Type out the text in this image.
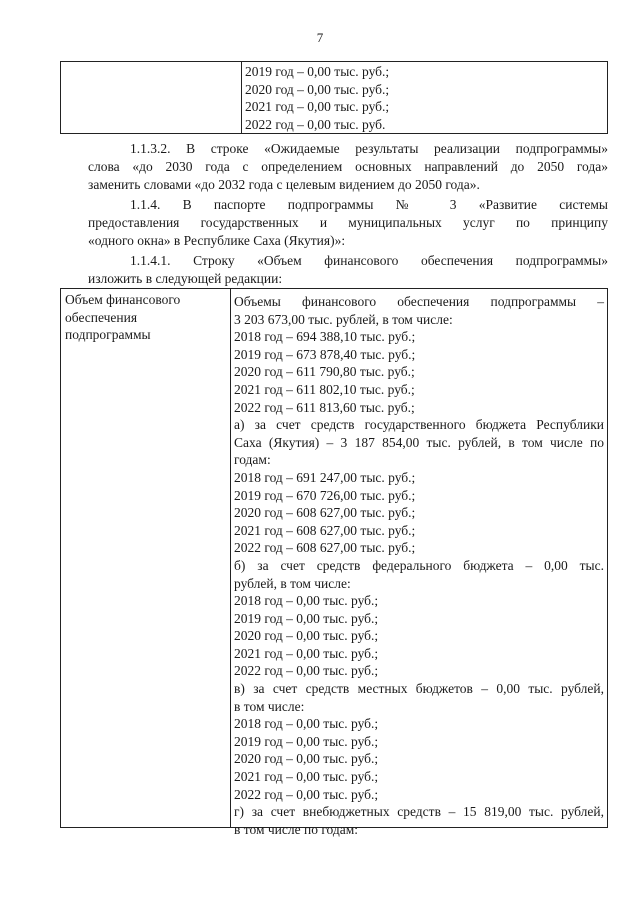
7
2019 год – 0,00 тыс. руб.;
2020 год – 0,00 тыс. руб.;
2021 год – 0,00 тыс. руб.;
2022 год – 0,00 тыс. руб.
1.1.3.2. В строке «Ожидаемые результаты реализации подпрограммы»
слова «до 2030 года с определением основных направлений до 2050 года»
заменить словами «до 2032 года с целевым видением до 2050 года».
1.1.4. В паспорте подпрограммы № 3 «Развитие системы
предоставления государственных и муниципальных услуг по принципу
«одного окна» в Республике Саха (Якутия)»:
1.1.4.1. Строку «Объем финансового обеспечения подпрограммы»
изложить в следующей редакции:
Объем финансового
обеспечения
подпрограммы
Объемы финансового обеспечения подпрограммы –
3 203 673,00 тыс. рублей, в том числе:
2018 год – 694 388,10 тыс. руб.;
2019 год – 673 878,40 тыс. руб.;
2020 год – 611 790,80 тыс. руб.;
2021 год – 611 802,10 тыс. руб.;
2022 год – 611 813,60 тыс. руб.;
а) за счет средств государственного бюджета Республики
Саха (Якутия) – 3 187 854,00 тыс. рублей, в том числе по
годам:
2018 год – 691 247,00 тыс. руб.;
2019 год – 670 726,00 тыс. руб.;
2020 год – 608 627,00 тыс. руб.;
2021 год – 608 627,00 тыс. руб.;
2022 год – 608 627,00 тыс. руб.;
б) за счет средств федерального бюджета – 0,00 тыс.
рублей, в том числе:
2018 год – 0,00 тыс. руб.;
2019 год – 0,00 тыс. руб.;
2020 год – 0,00 тыс. руб.;
2021 год – 0,00 тыс. руб.;
2022 год – 0,00 тыс. руб.;
в) за счет средств местных бюджетов – 0,00 тыс. рублей,
в том числе:
2018 год – 0,00 тыс. руб.;
2019 год – 0,00 тыс. руб.;
2020 год – 0,00 тыс. руб.;
2021 год – 0,00 тыс. руб.;
2022 год – 0,00 тыс. руб.;
г) за счет внебюджетных средств – 15 819,00 тыс. рублей,
в том числе по годам:
